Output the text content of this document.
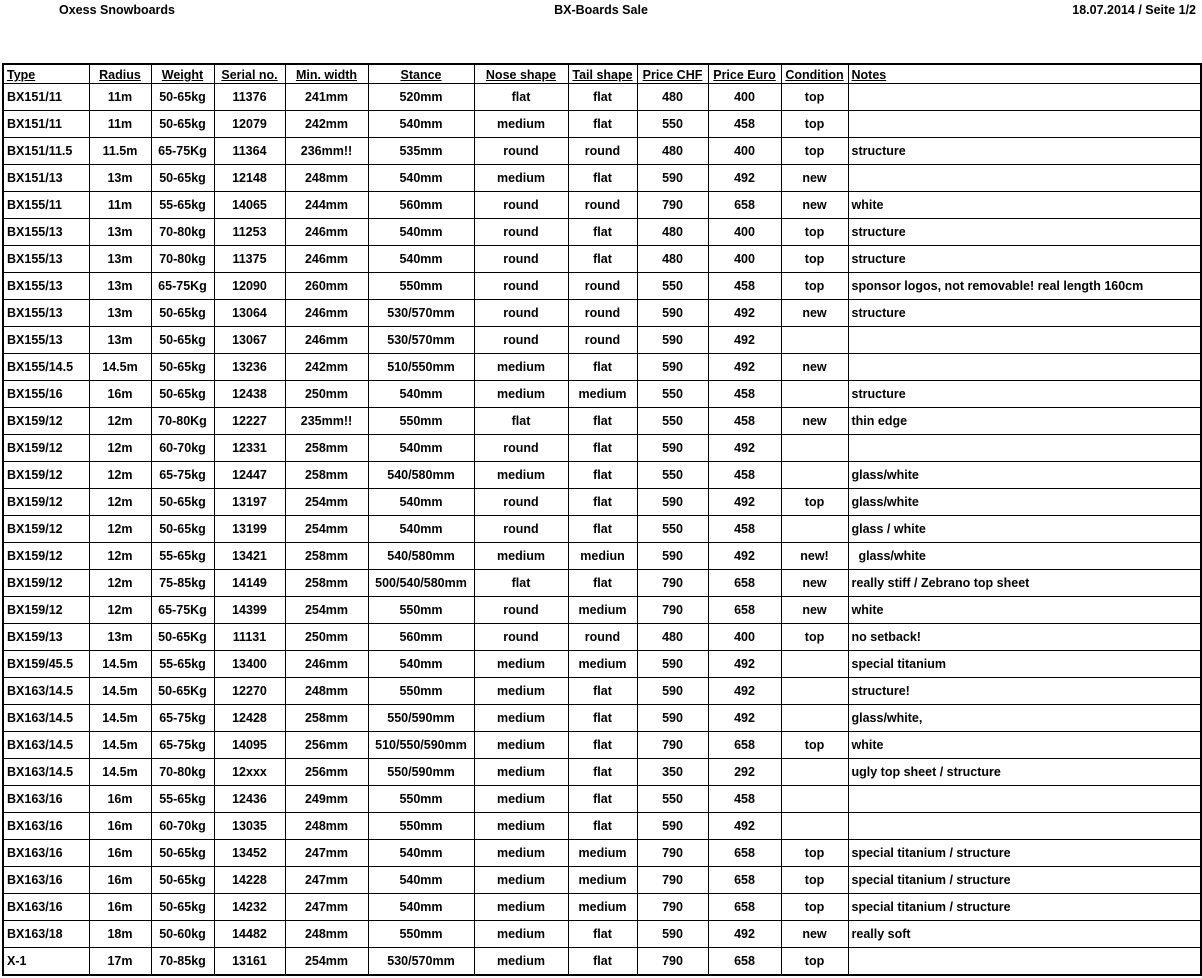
Oxess Snowboards	BX-Boards Sale	18.07.2014 / Seite 1/2
Type	Radius	Weight	Serial no.	Min. width	Stance	Nose shape	Tail shape	Price CHF	Price Euro	Condition	Notes
BX151/11	11m	50-65kg	11376	241mm	520mm	flat	flat	480	400	top	
BX151/11	11m	50-65kg	12079	242mm	540mm	medium	flat	550	458	top	
BX151/11.5	11.5m	65-75Kg	11364	236mm!!	535mm	round	round	480	400	top	structure
BX151/13	13m	50-65kg	12148	248mm	540mm	medium	flat	590	492	new	
BX155/11	11m	55-65kg	14065	244mm	560mm	round	round	790	658	new	white
BX155/13	13m	70-80kg	11253	246mm	540mm	round	flat	480	400	top	structure
BX155/13	13m	70-80kg	11375	246mm	540mm	round	flat	480	400	top	structure
BX155/13	13m	65-75Kg	12090	260mm	550mm	round	round	550	458	top	sponsor logos, not removable! real length 160cm
BX155/13	13m	50-65kg	13064	246mm	530/570mm	round	round	590	492	new	structure
BX155/13	13m	50-65kg	13067	246mm	530/570mm	round	round	590	492		
BX155/14.5	14.5m	50-65kg	13236	242mm	510/550mm	medium	flat	590	492	new	
BX155/16	16m	50-65kg	12438	250mm	540mm	medium	medium	550	458		structure
BX159/12	12m	70-80Kg	12227	235mm!!	550mm	flat	flat	550	458	new	thin edge
BX159/12	12m	60-70kg	12331	258mm	540mm	round	flat	590	492		
BX159/12	12m	65-75kg	12447	258mm	540/580mm	medium	flat	550	458		glass/white
BX159/12	12m	50-65kg	13197	254mm	540mm	round	flat	590	492	top	glass/white
BX159/12	12m	50-65kg	13199	254mm	540mm	round	flat	550	458		glass / white
BX159/12	12m	55-65kg	13421	258mm	540/580mm	medium	mediun	590	492	new!	glass/white
BX159/12	12m	75-85kg	14149	258mm	500/540/580mm	flat	flat	790	658	new	really stiff / Zebrano top sheet
BX159/12	12m	65-75Kg	14399	254mm	550mm	round	medium	790	658	new	white
BX159/13	13m	50-65Kg	11131	250mm	560mm	round	round	480	400	top	no setback!
BX159/45.5	14.5m	55-65kg	13400	246mm	540mm	medium	medium	590	492		special titanium
BX163/14.5	14.5m	50-65Kg	12270	248mm	550mm	medium	flat	590	492		structure!
BX163/14.5	14.5m	65-75kg	12428	258mm	550/590mm	medium	flat	590	492		glass/white,
BX163/14.5	14.5m	65-75kg	14095	256mm	510/550/590mm	medium	flat	790	658	top	white
BX163/14.5	14.5m	70-80kg	12xxx	256mm	550/590mm	medium	flat	350	292		ugly top sheet / structure
BX163/16	16m	55-65kg	12436	249mm	550mm	medium	flat	550	458		
BX163/16	16m	60-70kg	13035	248mm	550mm	medium	flat	590	492		
BX163/16	16m	50-65kg	13452	247mm	540mm	medium	medium	790	658	top	special titanium / structure
BX163/16	16m	50-65kg	14228	247mm	540mm	medium	medium	790	658	top	special titanium / structure
BX163/16	16m	50-65kg	14232	247mm	540mm	medium	medium	790	658	top	special titanium / structure
BX163/18	18m	50-60kg	14482	248mm	550mm	medium	flat	590	492	new	really soft
X-1	17m	70-85kg	13161	254mm	530/570mm	medium	flat	790	658	top	
